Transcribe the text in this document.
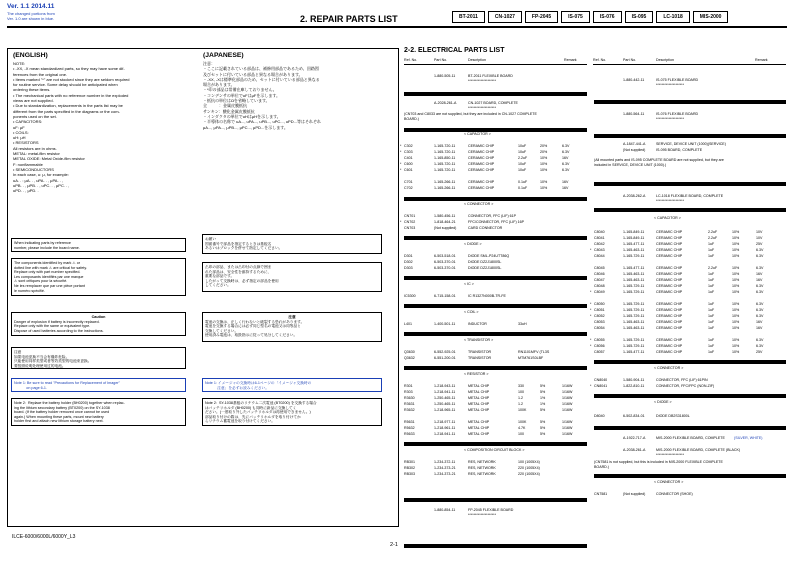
Ver. 1.1 2014.11
The changed portions from
Ver. 1.0 are shown in blue.	2. REPAIR PARTS LIST	BT-2011	CN-1027	FP-2045	IS-075	IS-076	IS-095	LC-1018	MIS-2000
(ENGLISH)
NOTE:
• -XX, -X mean standardized parts, so they may have some dif-
ferences from the original one.
• Items marked "*" are not stocked since they are seldom required
for routine service. Some delay should be anticipated when
ordering these items.
• The mechanical parts with no reference number in the exploded
views are not supplied.
• Due to standardization, replacements in the parts list may be
different from the parts specified in the diagrams or the com-
ponents used on the set.
• CAPACITORS:
uF: μF
• COILS:
uH: μH
• RESISTORS
All resistors are in ohms.
METAL: metal-film resistor
METAL OXIDE: Metal Oxide-film resistor
F: nonflammable
• SEMICONDUCTORS
In each case, u: μ, for example:
uA. . : μA. . , uPA. . , μPA. . ,
uPB. . , μPB. . , uPC. . , μPC. . ,
uPD. . , μPD. .
(JAPANESE)
注意：
・ここに記載されている部品は、補修用部品であるため、回路図
及びセットに付いている部品と異なる場合があります。
・-XX, -Xは標準化部品のため、セットに付いている部品と異なる
場合があります。
・*印の部品は常備在庫しておりません。
・コンデンサの単位でuFはμFを示します。
・抵抗の単位はΩを省略しています。
全　　　：金属皮膜抵抗
サンキン：酸化金属皮膜抵抗
・インダクタの単位でuHはμHを示します。
・半導体の名称で uA..., uPA..., uPB..., uPC..., uPD...等はそれぞれ
μA..., μPA..., μPB..., μPC..., μPD...を示します。
When indicating parts by reference
number, please include the board name.
お願い
図面番号で部品を指定するときは基板名
あるいはブロックを併せて指定してください。
The components identified by mark ⚠ or
dotted line with mark ⚠ are critical for safety.
Replace only with part number specified.
Les composants identifiés par une marque
⚠ sont critiques pour la sécurité.
Ne les remplacer que par une pièce portant
le numéro spécifié.
⚠印の部品、または⚠印付の点線で囲ま
れた部品は、安全性を維持するために、
重要な部品です。
したがって交換時は、必ず指定の部品を使用
してください。
Caution
Danger of explosion if battery is incorrectly replaced.
Replace only with the same or equivalent type.
Dispose of used batteries according to the instructions.
注意
電池の交換は、正しく行わないと破裂する恐れがあります。
電池を交換する場合には必ず同じ型名の電池又は同等品と
交換してください。
使用済み電池は、取扱指示に従って処分してください。
注意
如果电池更换不当会有爆炸危险。
只能使用同样类型或者等效类型的电池来更换。
要按照说明处理使用过的电池。
Note 1: Be sure to read "Precautions for Replacement of Imager"
on page 6-1.
Note 1: イメージャの交換時は6-1ページの「イメージャ交換時の
注意」を必ずお読みください。
Note 2:  Replace the battery holder (BH0200) together when replac-
ing the lithium secondary battery (BT0200) on the SY-1038
board. (If the battery holder removed once cannot be used
again.) When mounting these parts, mount new battery
holder first and attach new lithium storage battery next.
Note 2:  SY-1038基板のリチウム二次電池 (BT0200) を交換する場合
はバッテリホルダ (BH0200) も同時に新品に交換してく
ださい。(一度取り外したバッテリホルダは再使用できません。)
部品取り付けの際は、先にバッテリホルダを取り付けてか
らリチウム蓄電池を取り付けてください。
2-2. ELECTRICAL PARTS LIST
Ref. No.	Part No.	Description	Remark	Ref. No.	Part No.	Description	Remark
1-880-505-11	BT-2011 FLEXIBLE BOARD
********************
A-2028-261-A	CN-1027 BOARD, COMPLETE
********************
(CN703 and C8033 are not supplied, but they are included in CN-1027 COMPLETE
BOARD.)
< CAPACITOR >
* C302	1-165-720-11	CERAMIC CHIP	10uF	20%	6.3V
* C303	1-165-720-11	CERAMIC CHIP	10uF	20%	6.3V
C401	1-165-850-11	CERAMIC CHIP	2.2uF	10%	16V
* C600	1-165-720-11	CERAMIC CHIP	10uF	10%	6.3V
* C601	1-165-720-11	CERAMIC CHIP	10uF	10%	6.3V
C701	1-165-266-11	CERAMIC CHIP	0.1uF	10%	16V
C702	1-165-266-11	CERAMIC CHIP	0.1uF	10%	16V
< CONNECTOR >
CN701	1-580-456-11	CONNECTOR, FFC (LIF) 61P
* CN702	1-818-464-21	FFC/CONNECTOR, FFC (LIF) 16P
CN703	(Not supplied)	CARD CONNECTOR
< DIODE >
D301	6-503-518-01	DIODE SML-P24UTT86Q
D302	6-503-370-01	DIODE DZ2J1800SL
D303	6-503-370-01	DIODE DZ2J1800SL
< IC >
IC5300	6-715-158-01	IC R1327N000B-TR-FE
< COIL >
L401	1-400-501-11	INDUCTOR	33uH
< TRANSISTOR >
Q3630	6-552-925-01	TRANSISTOR	RN1101MFV (TL3S
Q3632	6-551-200-01	TRANSISTOR	MTM761S0LBF
< RESISTOR >
R301	1-218-943-11	METAL CHIP	330	5%	1/16W
R303	1-218-941-11	METAL CHIP	100	5%	1/16W
R3630	1-250-465-11	METAL CHIP	1.2	1%	1/16W
R3631	1-250-465-11	METAL CHIP	1.2	1%	1/16W
R3632	1-218-965-11	METAL CHIP	100K	5%	1/16W
R5631	1-218-977-11	METAL CHIP	100K	5%	1/16W
R5632	1-218-961-11	METAL CHIP	4.7K	5%	1/16W
R5633	1-218-941-11	METAL CHIP	100	5%	1/16W
< COMPOSITION CIRCUIT BLOCK >
RB301	1-234-372-11	RES, NETWORK	100 (1005X4)
RB302	1-234-373-21	RES, NETWORK	220 (1005X4)
RB303	1-234-373-21	RES, NETWORK	220 (1005X4)
1-880-854-11	FP-2045 FLEXIBLE BOARD
********************
1-880-442-11	IS-075 FLEXIBLE BOARD
********************
1-880-564-11	IS-076 FLEXIBLE BOARD
********************
A-1847-441-A	SERVICE, DEVICE UNIT (1000)(SERVICE)
(Not supplied)	IS-095 BOARD, COMPLETE
(All mounted parts and IS-095 COMPLETE BOARD are not supplied, but they are
included in SERVICE, DEVICE UNIT (1000).)
A-2038-262-A	LC-1018 FLEXIBLE BOARD, COMPLETE
********************
< CAPACITOR >
C8040	1-165-849-11	CERAMIC CHIP	2.2uF	10%	10V
C8041	1-165-849-11	CERAMIC CHIP	2.2uF	10%	10V
C8042	1-165-477-11	CERAMIC CHIP	1uF	10%	25V
* C8043	1-165-463-11	CERAMIC CHIP	1uF	10%	6.3V
C8044	1-165-729-11	CERAMIC CHIP	1uF	10%	6.3V
C8045	1-165-477-11	CERAMIC CHIP	2.2uF	10%	6.3V
C8046	1-165-463-11	CERAMIC CHIP	1uF	10%	16V
C8047	1-165-463-11	CERAMIC CHIP	1uF	10%	16V
C8048	1-165-729-11	CERAMIC CHIP	1uF	10%	6.3V
* C8049	1-165-729-11	CERAMIC CHIP	1uF	10%	6.3V
* C8050	1-165-729-11	CERAMIC CHIP	1uF	10%	6.3V
* C8051	1-165-729-11	CERAMIC CHIP	1uF	10%	6.3V
* C8052	1-165-729-11	CERAMIC CHIP	1uF	10%	6.3V
C8053	1-165-463-11	CERAMIC CHIP	1uF	10%	16V
C8054	1-165-463-11	CERAMIC CHIP	1uF	10%	16V
* C8055	1-165-729-11	CERAMIC CHIP	1uF	10%	6.3V
* C8056	1-165-729-11	CERAMIC CHIP	1uF	10%	6.3V
C8057	1-165-477-11	CERAMIC CHIP	1uF	10%	25V
< CONNECTOR >
CN8040	1-580-904-11	CONNECTOR, FFC (LIF) 61PIN
* CN8041	1-822-810-11	CONNECTOR, FFC/FPC (NON-ZIF)
< DIODE >
D8040	6-502-834-01	DIODE DB2S31800L
A-1922-717-A	MIS-2000 FLEXIBLE BOARD, COMPLETE	(SILVER, WHITE)
A-2038-261-A	MIS-2000 FLEXIBLE BOARD, COMPLETE (BLACK)
********************
(CN7581 is not supplied, but this is included in MIS-2000 FLEXIBLE COMPLETE
BOARD.)
< CONNECTOR >
CN7581	(Not supplied)	CONNECTOR (SHOE)
ILCE-6000/6000L/6000Y_L3
2-1
